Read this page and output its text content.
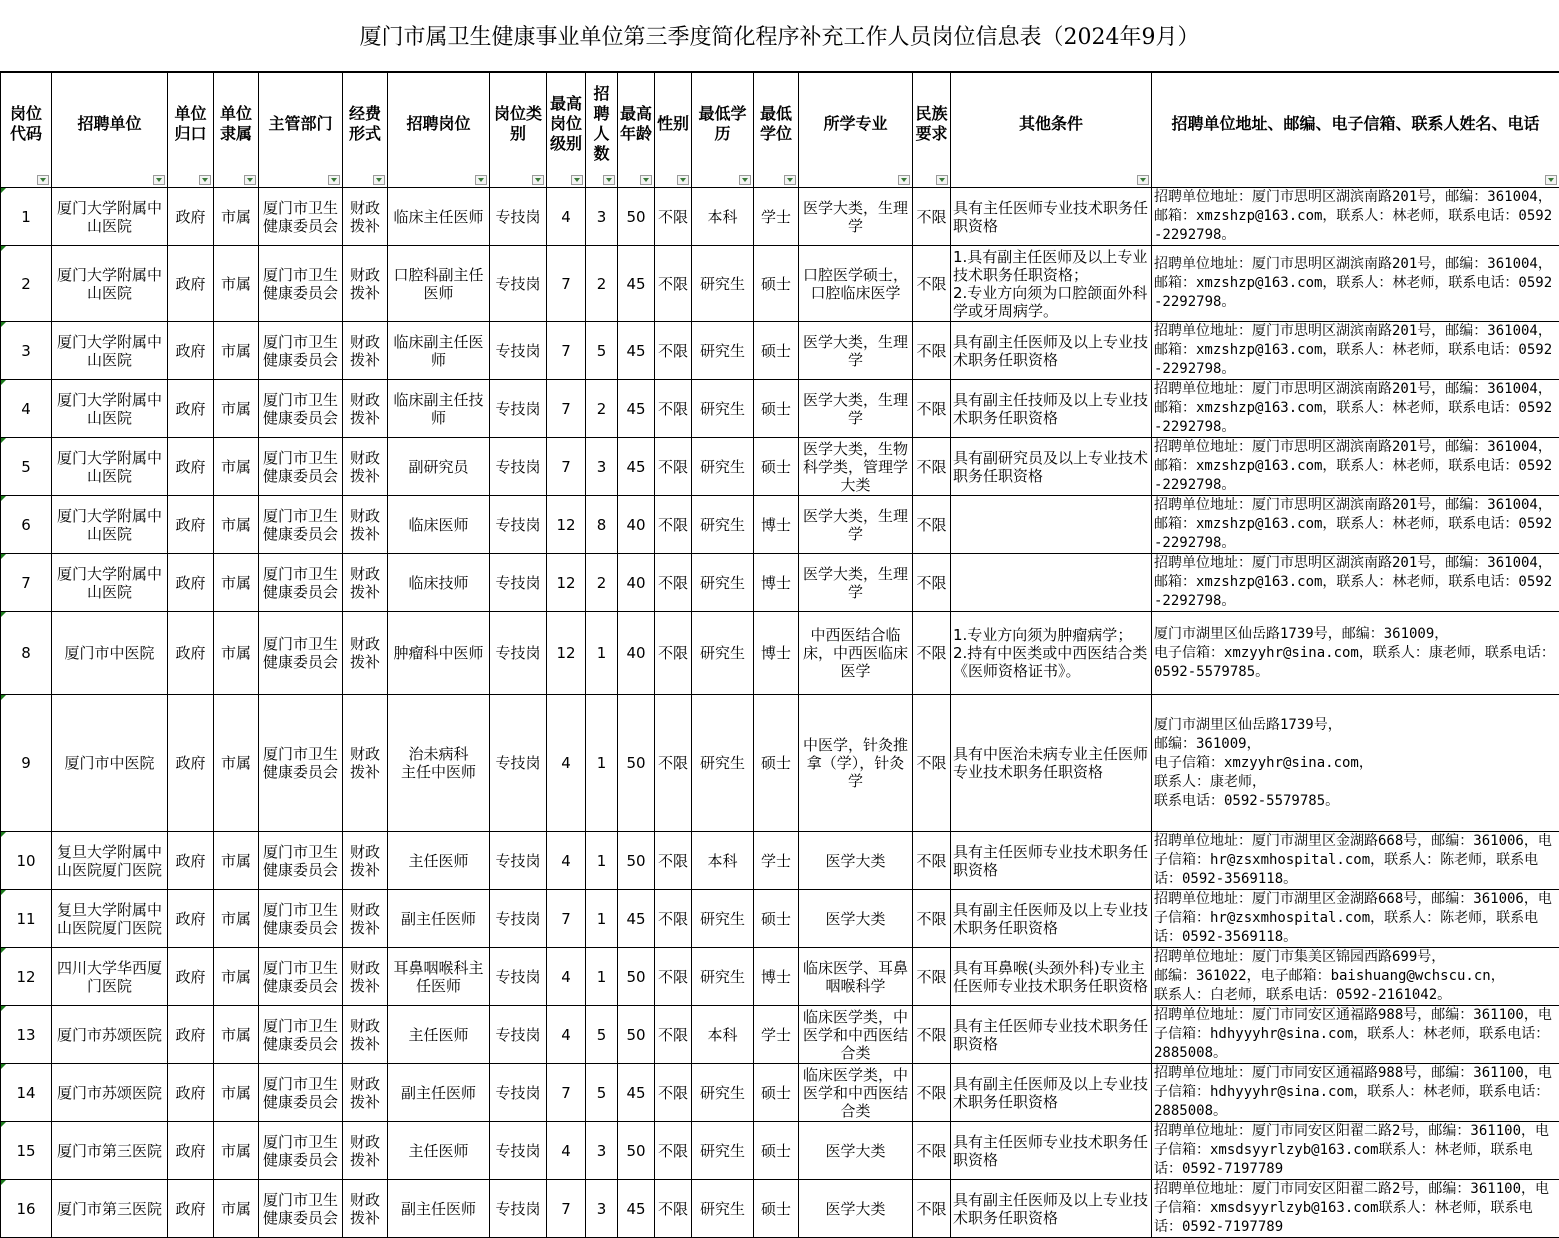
厦门市属卫生健康事业单位第三季度简化程序补充工作人员岗位信息表（2024年9月）
岗位代码	招聘单位	单位归口	单位隶属	主管部门	经费形式	招聘岗位	岗位类别	最高岗位级别	招聘人数	最高年龄	性别	最低学历	最低学位	所学专业	民族要求	其他条件	招聘单位地址、邮编、电子信箱、联系人姓名、电话

1	厦门大学附属中山医院	政府	市属	厦门市卫生健康委员会	财政拨补	临床主任医师	专技岗	4	3	50	不限	本科	学士	医学大类，生理学	不限	具有主任医师专业技术职务任职资格	招聘单位地址：厦门市思明区湖滨南路201号，邮编：361004，邮箱：xmzshzp@163.com，联系人：林老师，联系电话：0592-2292798。
2	厦门大学附属中山医院	政府	市属	厦门市卫生健康委员会	财政拨补	口腔科副主任医师	专技岗	7	2	45	不限	研究生	硕士	口腔医学硕士，口腔临床医学	不限	1.具有副主任医师及以上专业技术职务任职资格；
2.专业方向须为口腔颌面外科学或牙周病学。	招聘单位地址：厦门市思明区湖滨南路201号，邮编：361004，邮箱：xmzshzp@163.com，联系人：林老师，联系电话：0592-2292798。
3	厦门大学附属中山医院	政府	市属	厦门市卫生健康委员会	财政拨补	临床副主任医师	专技岗	7	5	45	不限	研究生	硕士	医学大类，生理学	不限	具有副主任医师及以上专业技术职务任职资格	招聘单位地址：厦门市思明区湖滨南路201号，邮编：361004，邮箱：xmzshzp@163.com，联系人：林老师，联系电话：0592-2292798。
4	厦门大学附属中山医院	政府	市属	厦门市卫生健康委员会	财政拨补	临床副主任技师	专技岗	7	2	45	不限	研究生	硕士	医学大类，生理学	不限	具有副主任技师及以上专业技术职务任职资格	招聘单位地址：厦门市思明区湖滨南路201号，邮编：361004，邮箱：xmzshzp@163.com，联系人：林老师，联系电话：0592-2292798。
5	厦门大学附属中山医院	政府	市属	厦门市卫生健康委员会	财政拨补	副研究员	专技岗	7	3	45	不限	研究生	硕士	医学大类，生物科学类，管理学大类	不限	具有副研究员及以上专业技术职务任职资格	招聘单位地址：厦门市思明区湖滨南路201号，邮编：361004，邮箱：xmzshzp@163.com，联系人：林老师，联系电话：0592-2292798。
6	厦门大学附属中山医院	政府	市属	厦门市卫生健康委员会	财政拨补	临床医师	专技岗	12	8	40	不限	研究生	博士	医学大类，生理学	不限		招聘单位地址：厦门市思明区湖滨南路201号，邮编：361004，邮箱：xmzshzp@163.com，联系人：林老师，联系电话：0592-2292798。
7	厦门大学附属中山医院	政府	市属	厦门市卫生健康委员会	财政拨补	临床技师	专技岗	12	2	40	不限	研究生	博士	医学大类，生理学	不限		招聘单位地址：厦门市思明区湖滨南路201号，邮编：361004，邮箱：xmzshzp@163.com，联系人：林老师，联系电话：0592-2292798。
8	厦门市中医院	政府	市属	厦门市卫生健康委员会	财政拨补	肿瘤科中医师	专技岗	12	1	40	不限	研究生	博士	中西医结合临床，中西医临床医学	不限	1.专业方向须为肿瘤病学；
2.持有中医类或中西医结合类《医师资格证书》。	厦门市湖里区仙岳路1739号，邮编：361009，
电子信箱：xmzyyhr@sina.com，联系人：康老师，联系电话：0592-5579785。
9	厦门市中医院	政府	市属	厦门市卫生健康委员会	财政拨补	治未病科
主任中医师	专技岗	4	1	50	不限	研究生	硕士	中医学，针灸推拿（学），针灸学	不限	具有中医治未病专业主任医师专业技术职务任职资格	厦门市湖里区仙岳路1739号，
邮编：361009，
电子信箱：xmzyyhr@sina.com，
联系人：康老师，
联系电话：0592-5579785。
10	复旦大学附属中山医院厦门医院	政府	市属	厦门市卫生健康委员会	财政拨补	主任医师	专技岗	4	1	50	不限	本科	学士	医学大类	不限	具有主任医师专业技术职务任职资格	招聘单位地址：厦门市湖里区金湖路668号，邮编：361006，电子信箱：hr@zsxmhospital.com，联系人：陈老师，联系电话：0592-3569118。
11	复旦大学附属中山医院厦门医院	政府	市属	厦门市卫生健康委员会	财政拨补	副主任医师	专技岗	7	1	45	不限	研究生	硕士	医学大类	不限	具有副主任医师及以上专业技术职务任职资格	招聘单位地址：厦门市湖里区金湖路668号，邮编：361006，电子信箱：hr@zsxmhospital.com，联系人：陈老师，联系电话：0592-3569118。
12	四川大学华西厦门医院	政府	市属	厦门市卫生健康委员会	财政拨补	耳鼻咽喉科主任医师	专技岗	4	1	50	不限	研究生	博士	临床医学、耳鼻咽喉科学	不限	具有耳鼻喉(头颈外科)专业主任医师专业技术职务任职资格	招聘单位地址：厦门市集美区锦园西路699号，
邮编：361022，电子邮箱：baishuang@wchscu.cn，
联系人：白老师，联系电话：0592-2161042。
13	厦门市苏颂医院	政府	市属	厦门市卫生健康委员会	财政拨补	主任医师	专技岗	4	5	50	不限	本科	学士	临床医学类，中医学和中西医结合类	不限	具有主任医师专业技术职务任职资格	招聘单位地址：厦门市同安区通福路988号，邮编：361100，电子信箱：hdhyyyhr@sina.com，联系人：林老师，联系电话：2885008。
14	厦门市苏颂医院	政府	市属	厦门市卫生健康委员会	财政拨补	副主任医师	专技岗	7	5	45	不限	研究生	硕士	临床医学类，中医学和中西医结合类	不限	具有副主任医师及以上专业技术职务任职资格	招聘单位地址：厦门市同安区通福路988号，邮编：361100，电子信箱：hdhyyyhr@sina.com，联系人：林老师，联系电话：2885008。
15	厦门市第三医院	政府	市属	厦门市卫生健康委员会	财政拨补	主任医师	专技岗	4	3	50	不限	研究生	硕士	医学大类	不限	具有主任医师专业技术职务任职资格	招聘单位地址：厦门市同安区阳翟二路2号，邮编：361100，电子信箱：xmsdsyyrlzyb@163.com联系人：林老师，联系电话：0592-7197789
16	厦门市第三医院	政府	市属	厦门市卫生健康委员会	财政拨补	副主任医师	专技岗	7	3	45	不限	研究生	硕士	医学大类	不限	具有副主任医师及以上专业技术职务任职资格	招聘单位地址：厦门市同安区阳翟二路2号，邮编：361100，电子信箱：xmsdsyyrlzyb@163.com联系人：林老师，联系电话：0592-7197789
